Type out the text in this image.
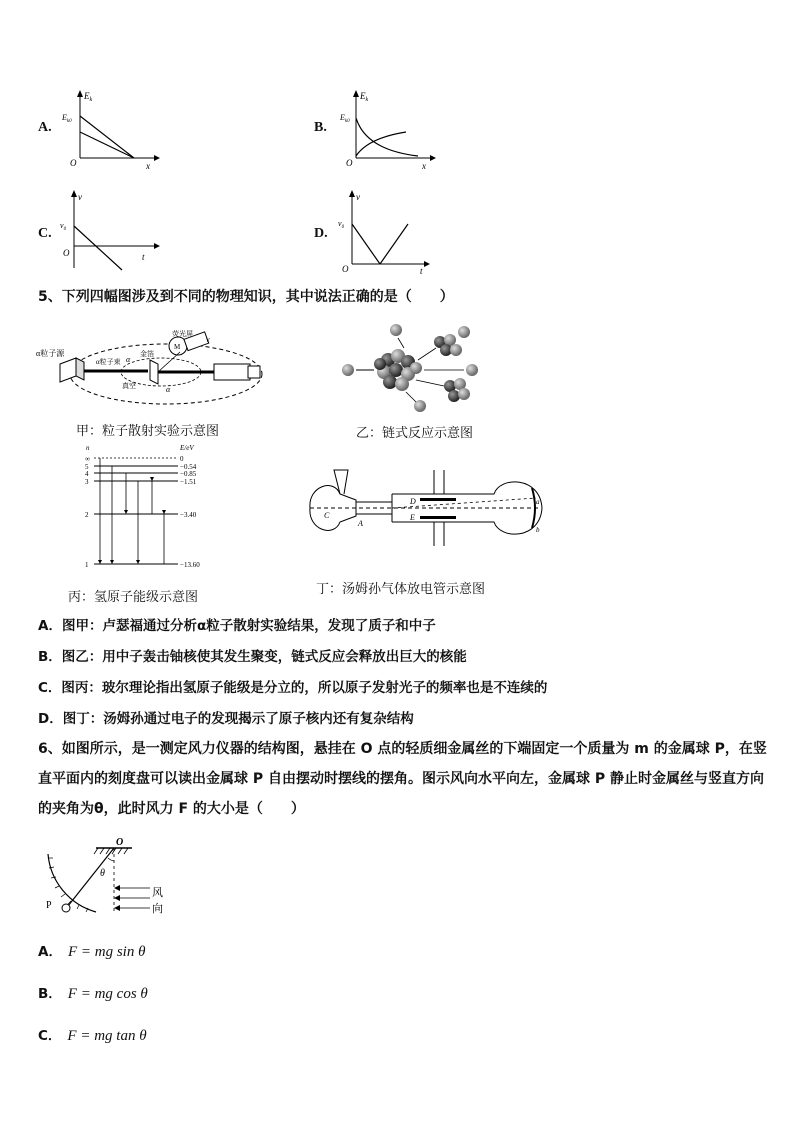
A.
$E_k$
$E_{k0}$
O	x
B.
$E_k$
$E_{k0}$
O	x
C.
v
$v_0$
O	t
D.
v
$v_0$
O	t
5、下列四幅图涉及到不同的物理知识，其中说法正确的是（　　）
α粒子源
荧光屏
金箔
α粒子束
真空
M
α
α
v
甲：粒子散射实验示意图	乙：链式反应示意图
n	E/eV
∞	0
5	−0.54
4	−0.85
3	−1.51
2	−3.40
1	−13.60
丙：氢原子能级示意图
C
A
D
E
a
b
丁：汤姆孙气体放电管示意图
A．图甲：卢瑟福通过分析α粒子散射实验结果，发现了质子和中子
B．图乙：用中子轰击铀核使其发生聚变，链式反应会释放出巨大的核能
C．图丙：玻尔理论指出氢原子能级是分立的，所以原子发射光子的频率也是不连续的
D．图丁：汤姆孙通过电子的发现揭示了原子核内还有复杂结构
6、如图所示，是一测定风力仪器的结构图，悬挂在 O 点的轻质细金属丝的下端固定一个质量为 m 的金属球 P，在竖
直平面内的刻度盘可以读出金属球 P 自由摆动时摆线的摆角。图示风向水平向左，金属球 P 静止时金属丝与竖直方向
的夹角为θ，此时风力 F 的大小是（　　）
O
P
θ
风
向
A． F = mg sin θ
B． F = mg cos θ
C． F = mg tan θ
